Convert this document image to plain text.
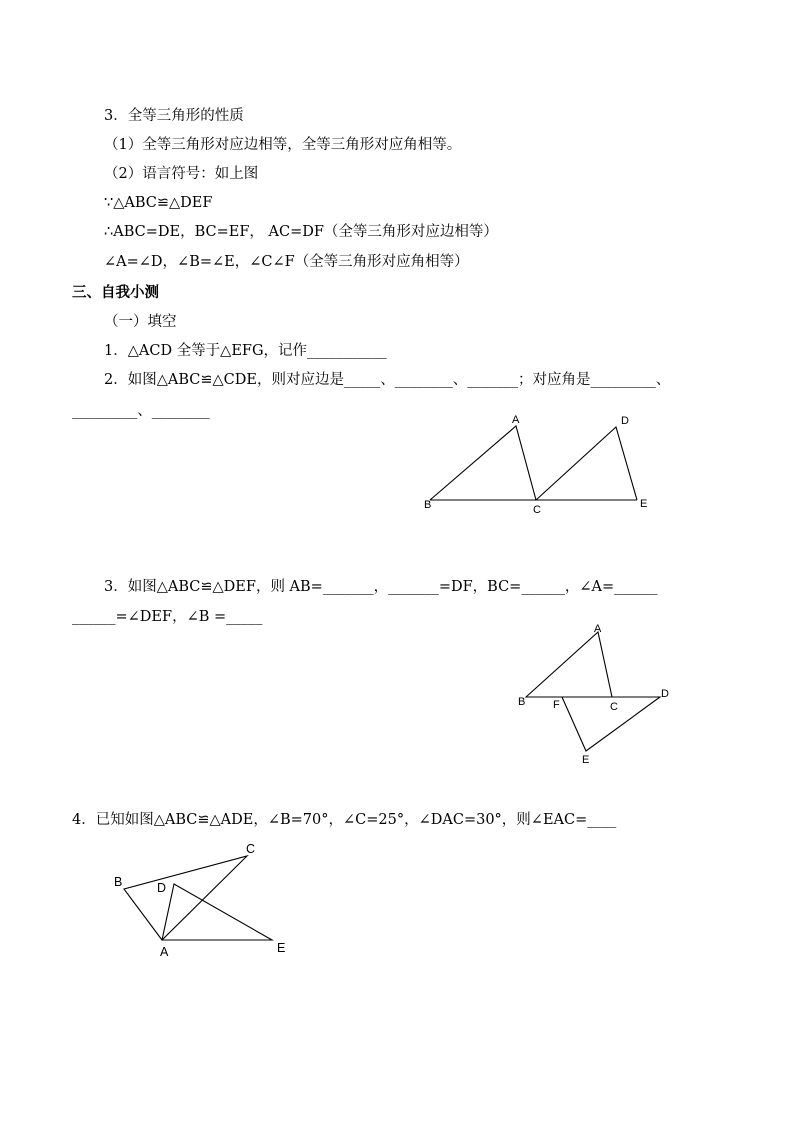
3．全等三角形的性质
（1）全等三角形对应边相等，全等三角形对应角相等。
（2）语言符号：如上图
∵△ABC≌△DEF
∴ABC=DE，BC=EF， AC=DF（全等三角形对应边相等）
∠A=∠D，∠B=∠E，∠C∠F（全等三角形对应角相等）
三、自我小测
（一）填空
1．△ACD 全等于△EFG，记作___________
2．如图△ABC≌△CDE，则对应边是_____、________、_______；对应角是_________、
_________、________
A	D
B	C	E
3．如图△ABC≌△DEF，则 AB=_______，_______=DF，BC=______，∠A=______
______=∠DEF，∠B =_____
A
B	F	C
D
E
4．已知如图△ABC≌△ADE，∠B=70°，∠C=25°，∠DAC=30°，则∠EAC=____
C
B	D
A	E
